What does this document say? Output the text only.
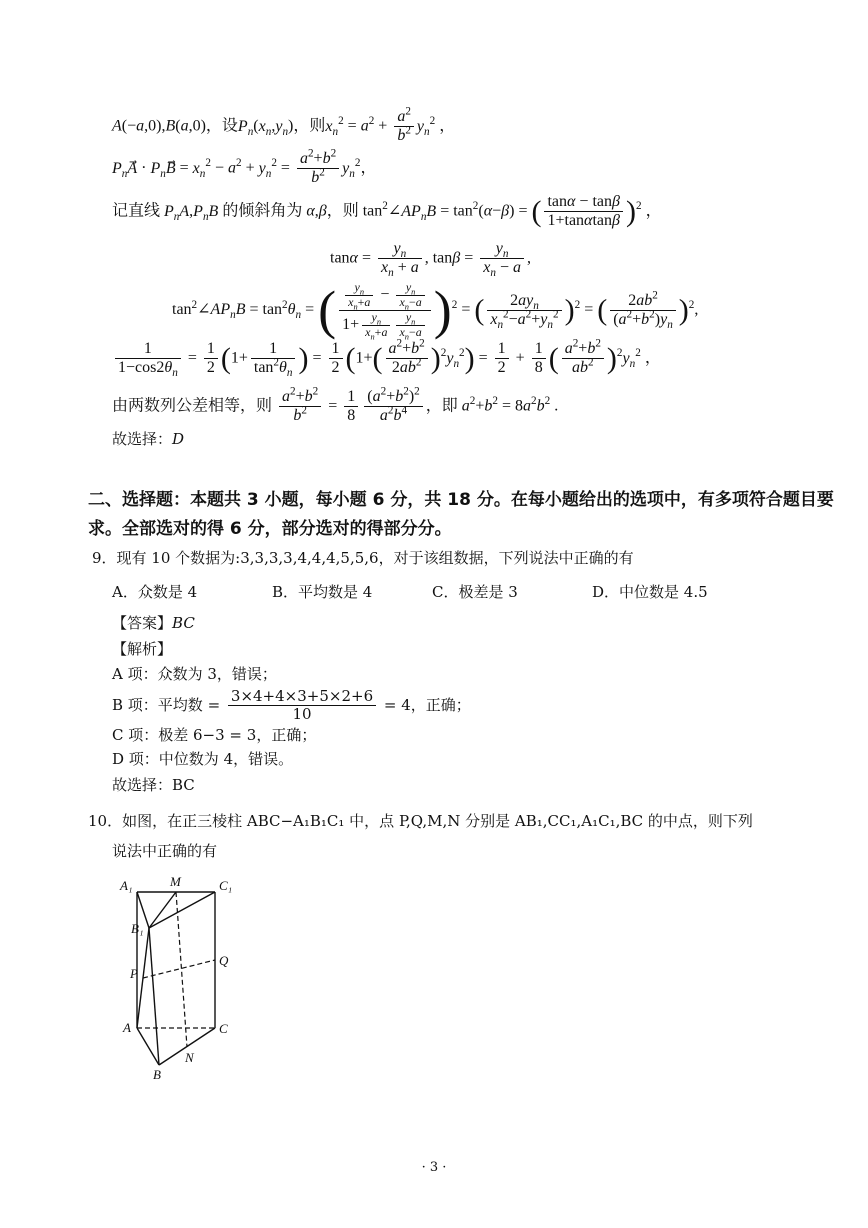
A(−a,0),B(a,0)，设$P_n(x_n,y_n)$，则$x_n^2 = a^2 + \frac{a^2}{b^2} y_n^2$ ，
$P_nA⃗$ · $P_nB⃗ = x_n^2 - a^2 + y_n^2 = \frac{a^2+b^2}{b^2} y_n^2$，
记直线 $P_nA,P_nB$ 的倾斜角为 α,β，则 $\tan^2\angle AP_nB = \tan^2(\alpha-\beta)$ = ( $\frac{\tan\alpha - \tan\beta}{1+\tan\alpha\tan\beta} )^2$ ，
$\tan\alpha = \frac{y_n}{x_n + a}$ , $\tan\beta = \frac{y_n}{x_n - a}$ ,
$\tan^2\angle AP_nB = \tan^2\theta_n$ = ( $\frac{\frac{y_n}{x_n+a} - \frac{y_n}{x_n-a}}{1+ \frac{y_n}{x_n+a} \frac{y_n}{x_n-a}} )^2$ = ( $\frac{2ay_n}{x_n^2-a^2+y_n^2} )^2$ = ( $\frac{2ab^2}{(a^2+b^2)y_n} )^2$,
$\frac{1}{1-\cos 2\theta_n} = \frac{1}{2} (1+ \frac{1}{\tan^2\theta_n}$ ) = $\frac{1}{2} (1+( \frac{a^2+b^2}{2ab^2} )^2y_n^2) = \frac{1}{2} + \frac{1}{8}$ ( $\frac{a^2+b^2}{ab^2} )^2y_n^2$ ，
由两数列公差相等，则 $\frac{a^2+b^2}{b^2} = \frac{1}{8} \frac{(a^2+b^2)^2}{a^2b^4}$ ，即 $a^2+b^2 = 8a^2b^2$ .
故选择：D
二、选择题：本题共 3 小题，每小题 6 分，共 18 分。在每小题给出的选项中，有多项符合题目要
求。全部选对的得 6 分，部分选对的得部分分。
9．现有 10 个数据为:3,3,3,3,4,4,4,5,5,6，对于该组数据，下列说法中正确的有
A．众数是 4	B．平均数是 4	C．极差是 3	D．中位数是 4.5
【答案】BC
【解析】
A 项：众数为 3，错误；
B 项：平均数 = $\frac{3\times 4+4\times 3+5\times 2+6}{10} = 4$，正确；
C 项：极差 6−3 = 3，正确；
D 项：中位数为 4，错误。
故选择：BC
10．如图，在正三棱柱 ABC−A₁B₁C₁ 中，点 P,Q,M,N 分别是 AB₁,CC₁,A₁C₁,BC 的中点，则下列
说法中正确的有
A₁	M	C₁
B₁
Q
P
A	C
N
B
· 3 ·
